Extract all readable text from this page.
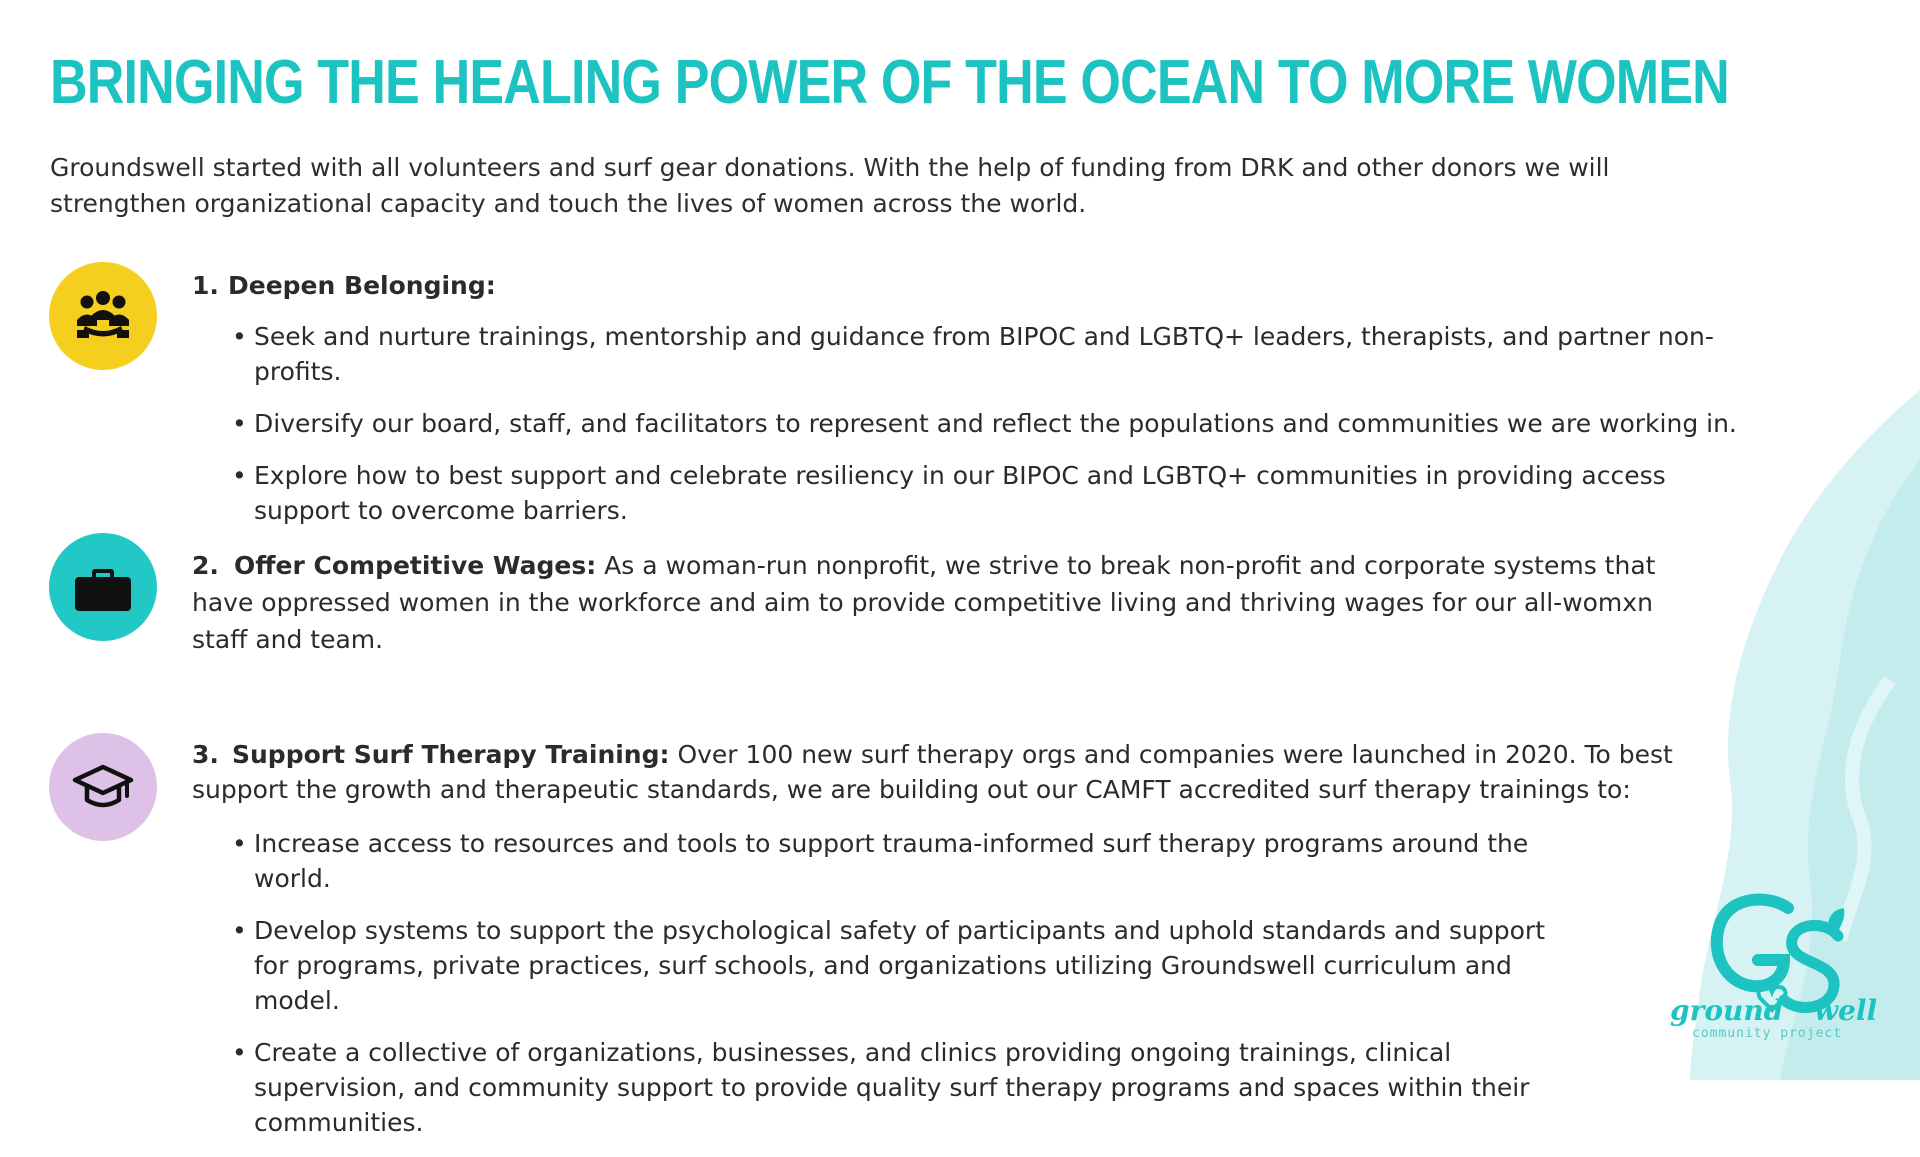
BRINGING THE HEALING POWER OF THE OCEAN TO MORE WOMEN

Groundswell started with all volunteers and surf gear donations. With the help of funding from DRK and other donors we will strengthen organizational capacity and touch the lives of women across the world.

1. Deepen Belonging:

• Seek and nurture trainings, mentorship and guidance from BIPOC and LGBTQ+ leaders, therapists, and partner non-profits.
• Diversify our board, staff, and facilitators to represent and reflect the populations and communities we are working in.
• Explore how to best support and celebrate resiliency in our BIPOC and LGBTQ+ communities in providing access support to overcome barriers.

2. Offer Competitive Wages: As a woman-run nonprofit, we strive to break non-profit and corporate systems that have oppressed women in the workforce and aim to provide competitive living and thriving wages for our all-womxn staff and team.

3. Support Surf Therapy Training: Over 100 new surf therapy orgs and companies were launched in 2020. To best support the growth and therapeutic standards, we are building out our CAMFT accredited surf therapy trainings to:

• Increase access to resources and tools to support trauma-informed surf therapy programs around the world.
• Develop systems to support the psychological safety of participants and uphold standards and support for programs, private practices, surf schools, and organizations utilizing Groundswell curriculum and model.
• Create a collective of organizations, businesses, and clinics providing ongoing trainings, clinical supervision, and community support to provide quality surf therapy programs and spaces within their communities.
ground well
community project
